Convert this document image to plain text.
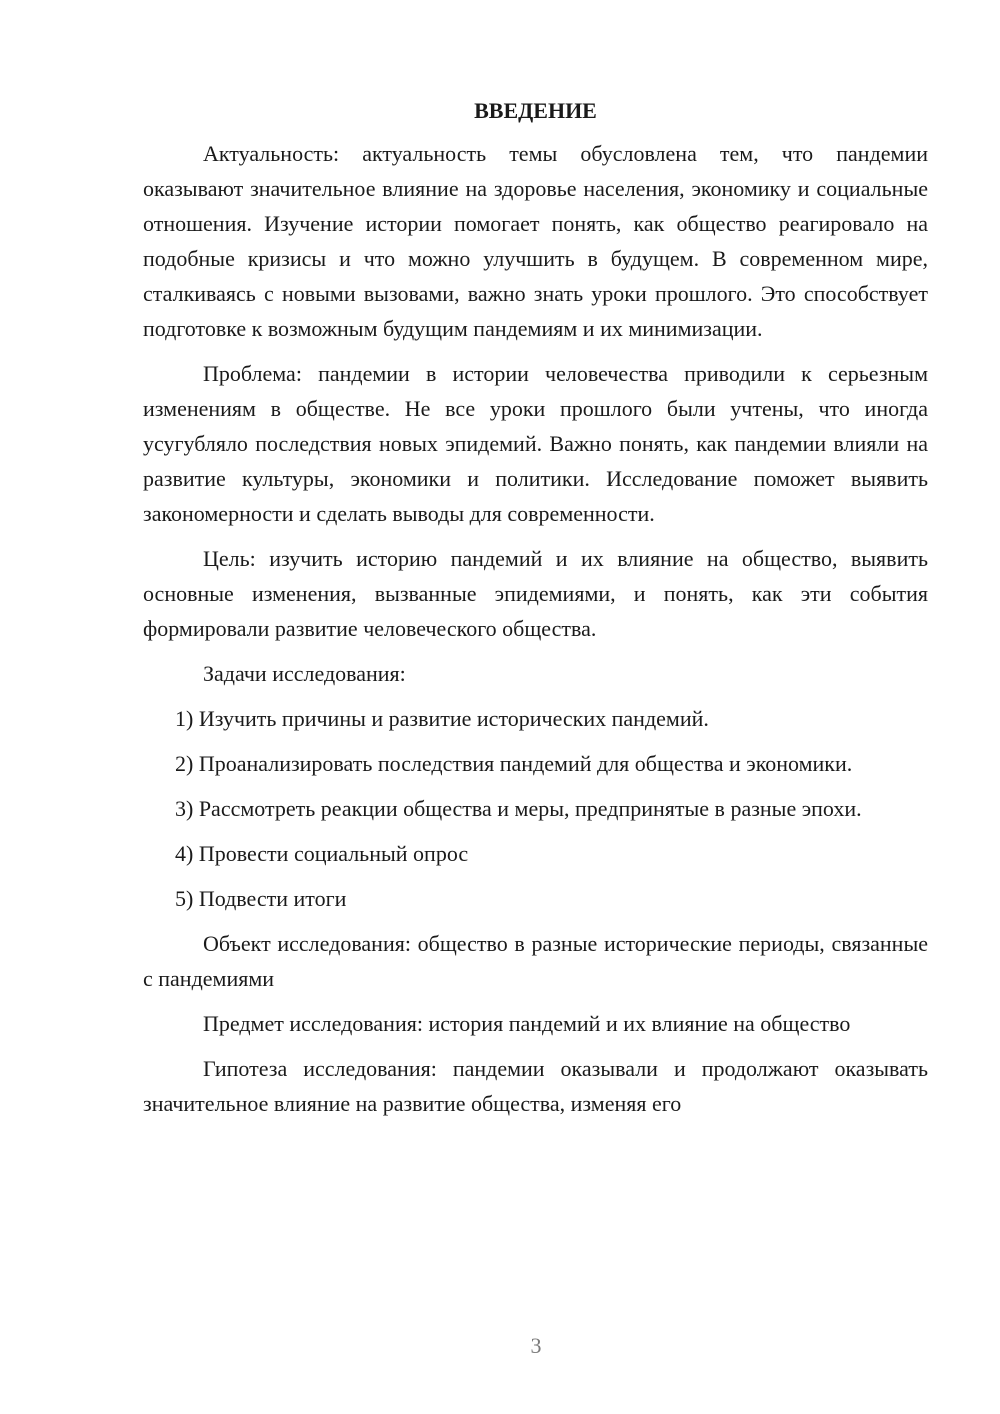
ВВЕДЕНИЕ

Актуальность: актуальность темы обусловлена тем, что пандемии оказывают значительное влияние на здоровье населения, экономику и социальные отношения. Изучение истории помогает понять, как общество реагировало на подобные кризисы и что можно улучшить в будущем. В современном мире, сталкиваясь с новыми вызовами, важно знать уроки прошлого. Это способствует подготовке к возможным будущим пандемиям и их минимизации.

Проблема: пандемии в истории человечества приводили к серьезным изменениям в обществе. Не все уроки прошлого были учтены, что иногда усугубляло последствия новых эпидемий. Важно понять, как пандемии влияли на развитие культуры, экономики и политики. Исследование поможет выявить закономерности и сделать выводы для современности.

Цель: изучить историю пандемий и их влияние на общество, выявить основные изменения, вызванные эпидемиями, и понять, как эти события формировали развитие человеческого общества.

Задачи исследования:

1) Изучить причины и развитие исторических пандемий.

2) Проанализировать последствия пандемий для общества и экономики.

3) Рассмотреть реакции общества и меры, предпринятые в разные эпохи.

4) Провести социальный опрос

5) Подвести итоги

Объект исследования: общество в разные исторические периоды, связанные с пандемиями

Предмет исследования: история пандемий и их влияние на общество

Гипотеза исследования: пандемии оказывали и продолжают оказывать значительное влияние на развитие общества, изменяя его

3
